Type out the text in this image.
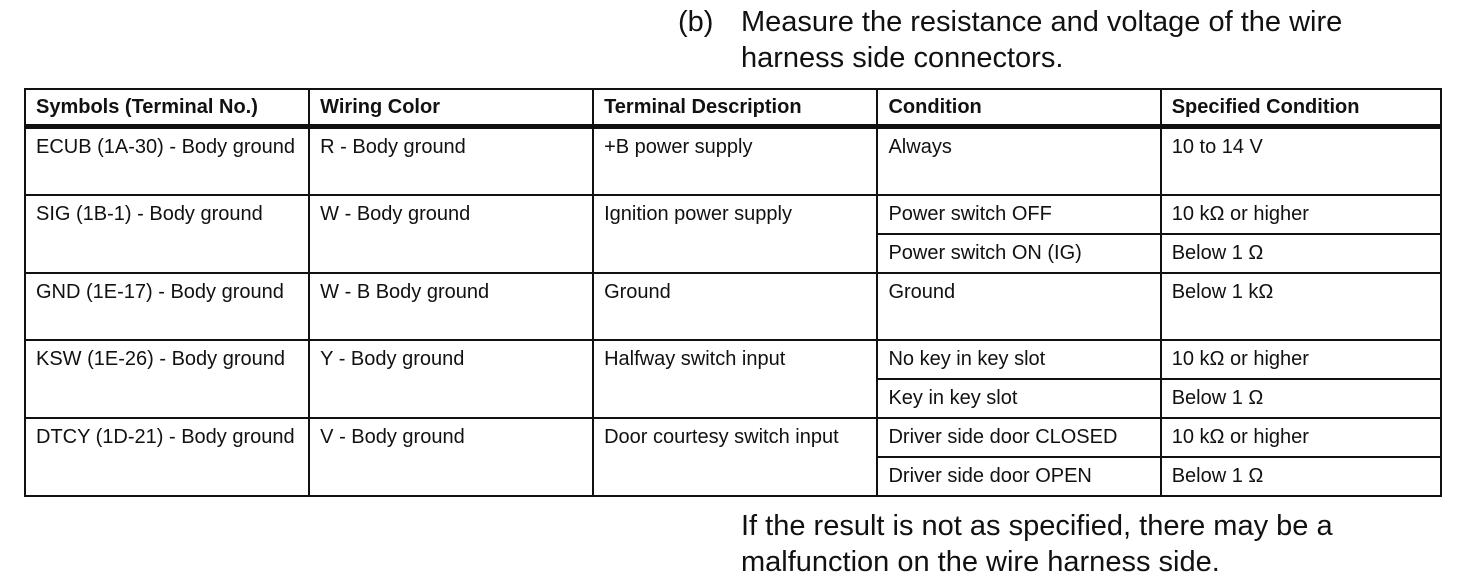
(b) Measure the resistance and voltage of the wire
harness side connectors.
Symbols (Terminal No.)	Wiring Color	Terminal Description	Condition	Specified Condition
ECUB (1A-30) - Body ground	R - Body ground	+B power supply	Always	10 to 14 V
SIG (1B-1) - Body ground	W - Body ground	Ignition power supply	Power switch OFF	10 kΩ or higher
			Power switch ON (IG)	Below 1 Ω
GND (1E-17) - Body ground	W - B Body ground	Ground	Ground	Below 1 kΩ
KSW (1E-26) - Body ground	Y - Body ground	Halfway switch input	No key in key slot	10 kΩ or higher
			Key in key slot	Below 1 Ω
DTCY (1D-21) - Body ground	V - Body ground	Door courtesy switch input	Driver side door CLOSED	10 kΩ or higher
			Driver side door OPEN	Below 1 Ω
If the result is not as specified, there may be a
malfunction on the wire harness side.
